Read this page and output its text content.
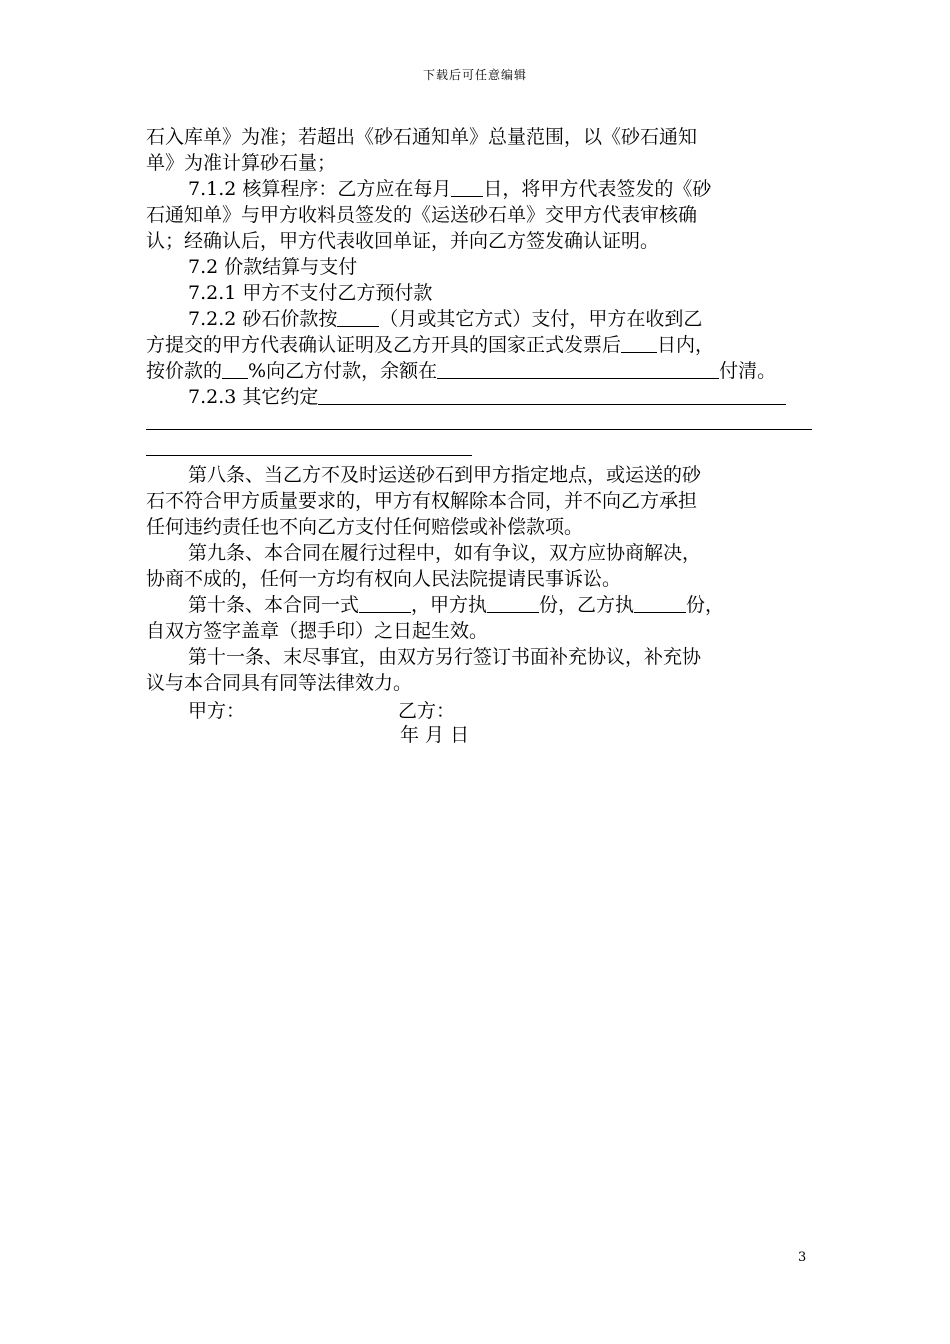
下载后可任意编辑
石入库单》为准；若超出《砂石通知单》总量范围，以《砂石通知
单》为准计算砂石量；
7.1.2 核算程序：乙方应在每月 日，将甲方代表签发的《砂
石通知单》与甲方收料员签发的《运送砂石单》交甲方代表审核确
认；经确认后，甲方代表收回单证，并向乙方签发确认证明。
7.2 价款结算与支付
7.2.1 甲方不支付乙方预付款
7.2.2 砂石价款按 （月或其它方式）支付，甲方在收到乙
方提交的甲方代表确认证明及乙方开具的国家正式发票后 日内，
按价款的 %向乙方付款，余额在	付清。
7.2.3 其它约定
第八条、当乙方不及时运送砂石到甲方指定地点，或运送的砂
石不符合甲方质量要求的，甲方有权解除本合同，并不向乙方承担
任何违约责任也不向乙方支付任何赔偿或补偿款项。
第九条、本合同在履行过程中，如有争议，双方应协商解决，
协商不成的，任何一方均有权向人民法院提请民事诉讼。
第十条、本合同一式	，甲方执	份，乙方执	份，
自双方签字盖章（摁手印）之日起生效。
第十一条、末尽事宜，由双方另行签订书面补充协议，补充协
议与本合同具有同等法律效力。
甲方：	乙方：
年 月 日
3
